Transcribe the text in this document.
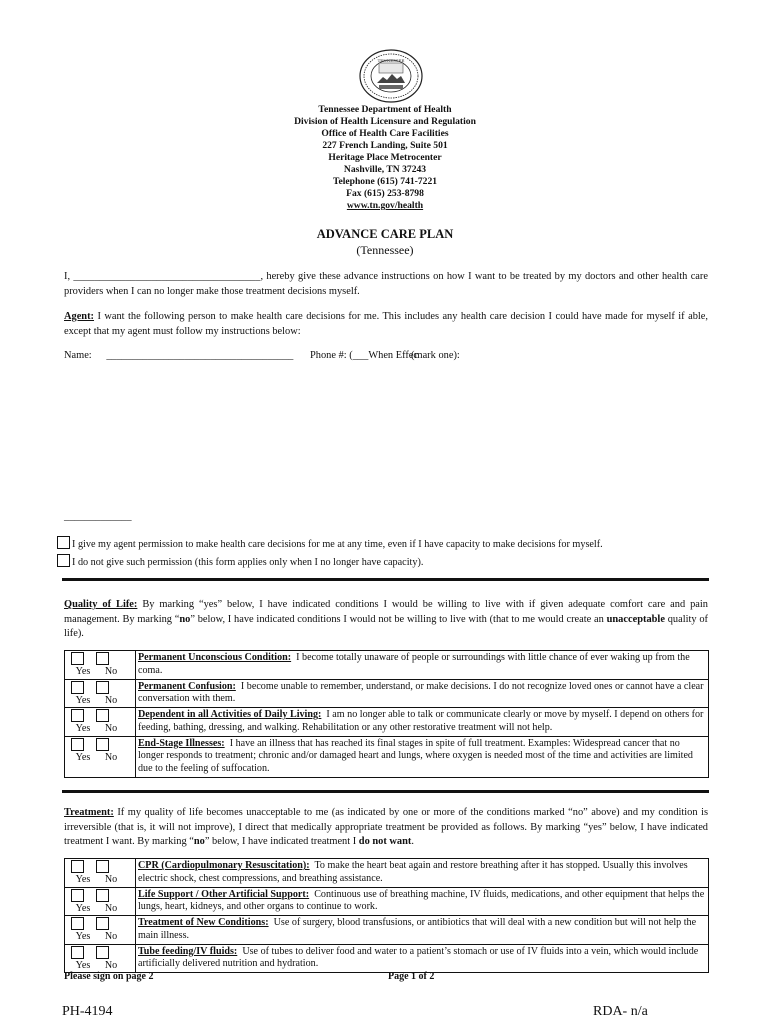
TENNESSEE
Tennessee Department of Health
Division of Health Licensure and Regulation
Office of Health Care Facilities
227 French Landing, Suite 501
Heritage Place Metrocenter
Nashville, TN 37243
Telephone (615) 741-7221
Fax (615) 253-8798
www.tn.gov/health
ADVANCE CARE PLAN
(Tennessee)
I, ____________________________________, hereby give these advance instructions on how I want to be treated by my doctors and other health care providers when I can no longer make those treatment decisions myself.
Agent: I want the following person to make health care decisions for me. This includes any health care decision I could have made for myself if able, except that my agent must follow my instructions below:
Name: ____________________________________ Phone #: (___When Effec(mark one):
_____________
I give my agent permission to make health care decisions for me at any time, even if I have capacity to make decisions for myself.
I do not give such permission (this form applies only when I no longer have capacity).
Quality of Life: By marking “yes” below, I have indicated conditions I would be willing to live with if given adequate comfort care and pain management. By marking “no” below, I have indicated conditions I would not be willing to live with (that to me would create an unacceptable quality of life).
Yes No	Permanent Unconscious Condition: I become totally unaware of people or surroundings with little chance of ever waking up from the coma.

Yes No	Permanent Confusion: I become unable to remember, understand, or make decisions. I do not recognize loved ones or cannot have a clear conversation with them.

Yes No	Dependent in all Activities of Daily Living: I am no longer able to talk or communicate clearly or move by myself. I depend on others for feeding, bathing, dressing, and walking. Rehabilitation or any other restorative treatment will not help.

Yes No	End-Stage Illnesses: I have an illness that has reached its final stages in spite of full treatment. Examples: Widespread cancer that no longer responds to treatment; chronic and/or damaged heart and lungs, where oxygen is needed most of the time and activities are limited due to the feeling of suffocation.
Treatment: If my quality of life becomes unacceptable to me (as indicated by one or more of the conditions marked “no” above) and my condition is irreversible (that is, it will not improve), I direct that medically appropriate treatment be provided as follows. By marking “yes” below, I have indicated treatment I want. By marking “no” below, I have indicated treatment I do not want.
Yes No	CPR (Cardiopulmonary Resuscitation): To make the heart beat again and restore breathing after it has stopped. Usually this involves electric shock, chest compressions, and breathing assistance.

Yes No	Life Support / Other Artificial Support: Continuous use of breathing machine, IV fluids, medications, and other equipment that helps the lungs, heart, kidneys, and other organs to continue to work.

Yes No	Treatment of New Conditions: Use of surgery, blood transfusions, or antibiotics that will deal with a new condition but will not help the main illness.

Yes No	Tube feeding/IV fluids: Use of tubes to deliver food and water to a patient’s stomach or use of IV fluids into a vein, which would include artificially delivered nutrition and hydration.
Please sign on page 2	Page 1 of 2
PH-4194	RDA- n/a
